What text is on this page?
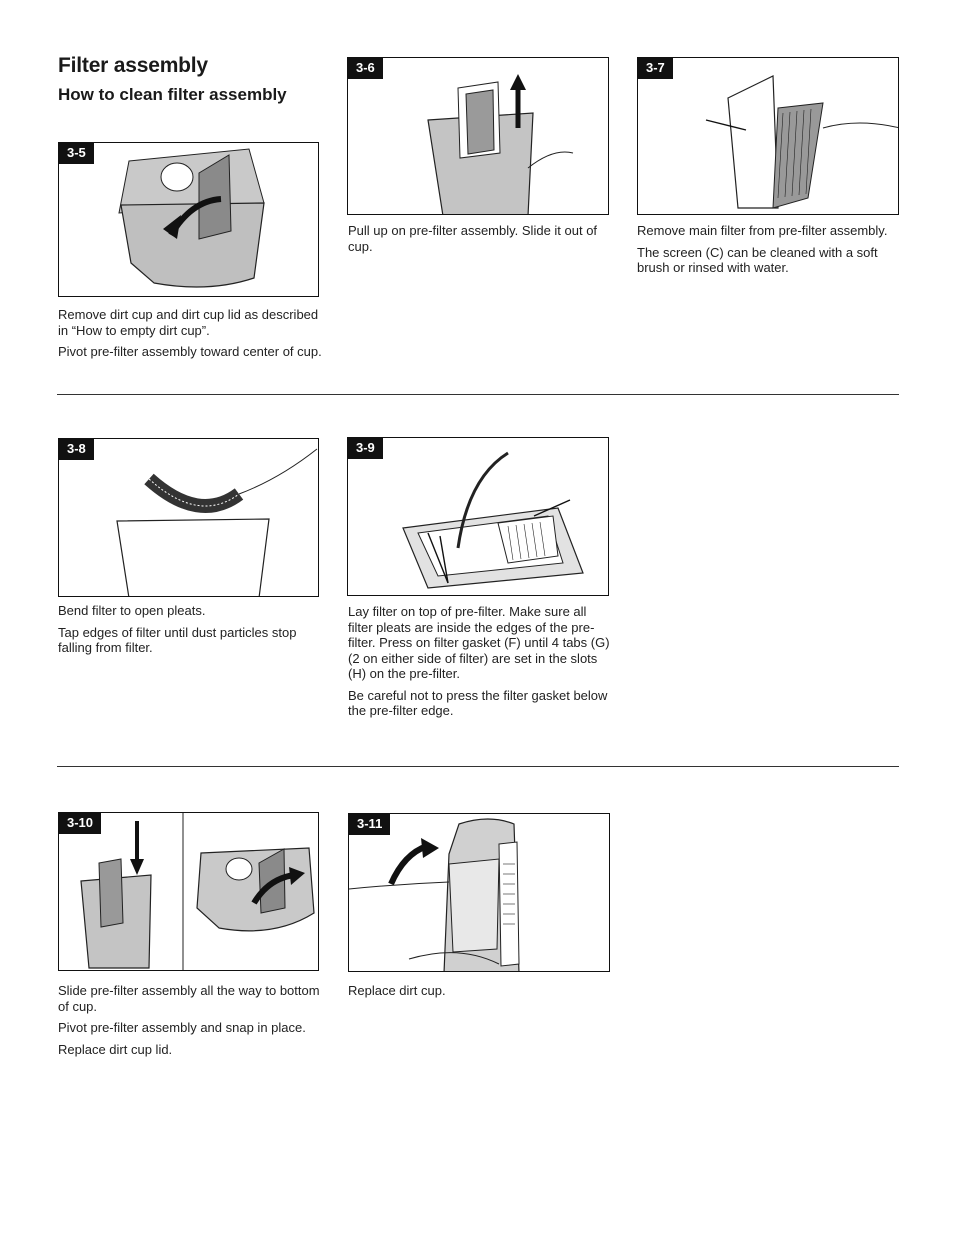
Filter assembly
How to clean filter assembly
3-5

Remove dirt cup and dirt cup lid as described in “How to empty dirt cup”.

Pivot pre-filter assembly toward center of cup.

3-6

Pull up on pre-filter assembly. Slide it out of cup.

3-7

Remove main filter from pre-filter assembly.

The screen (C) can be cleaned with a soft brush or rinsed with water.

3-8

Bend filter to open pleats.

Tap edges of filter until dust particles stop falling from filter.

3-9

Lay filter on top of pre-filter. Make sure all filter pleats are inside the edges of the pre-filter. Press on filter gasket (F) until 4 tabs (G) (2 on either side of filter) are set in the slots (H) on the pre-filter.

Be careful not to press the filter gasket below the pre-filter edge.

3-10

Slide pre-filter assembly all the way to bottom of cup.

Pivot pre-filter assembly and snap in place.

Replace dirt cup lid.

3-11

Replace dirt cup.
